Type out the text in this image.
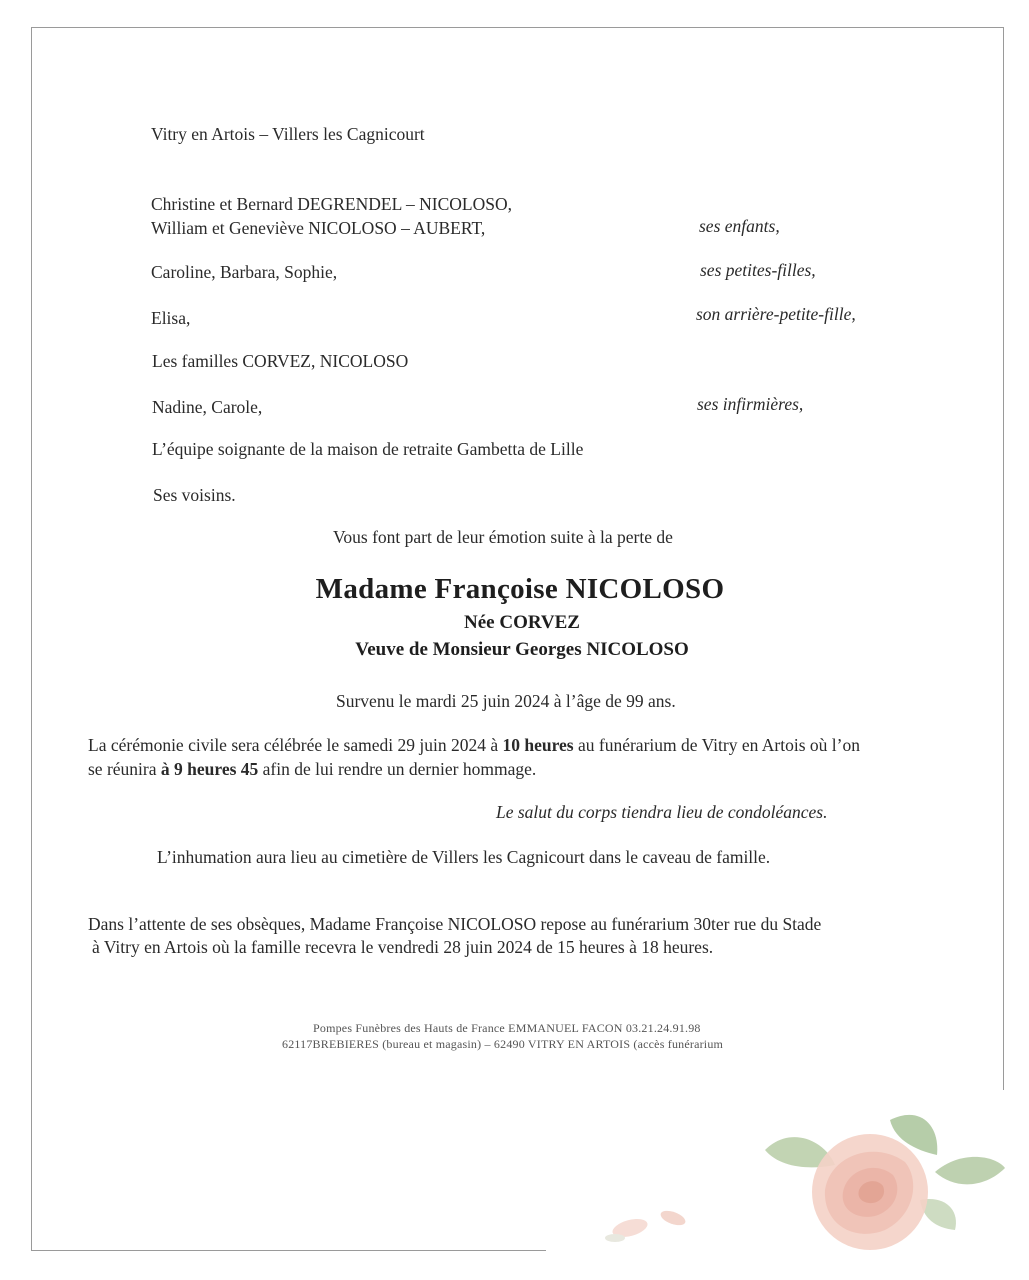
Vitry en Artois – Villers les Cagnicourt
Christine et Bernard DEGRENDEL – NICOLOSO,
William et Geneviève NICOLOSO – AUBERT,	ses enfants,
Caroline, Barbara, Sophie,	ses petites-filles,
Elisa,	son arrière-petite-fille,
Les familles CORVEZ, NICOLOSO
Nadine, Carole,	ses infirmières,
L’équipe soignante de la maison de retraite Gambetta de Lille
Ses voisins.
Vous font part de leur émotion suite à la perte de
Madame Françoise NICOLOSO
Née CORVEZ
Veuve de Monsieur Georges NICOLOSO
Survenu le mardi 25 juin 2024 à l’âge de 99 ans.
La cérémonie civile sera célébrée le samedi 29 juin 2024 à 10 heures au funérarium de Vitry en Artois où l’on
se réunira à 9 heures 45 afin de lui rendre un dernier hommage.
Le salut du corps tiendra lieu de condoléances.
L’inhumation aura lieu au cimetière de Villers les Cagnicourt dans le caveau de famille.
Dans l’attente de ses obsèques, Madame Françoise NICOLOSO repose au funérarium 30ter rue du Stade
à Vitry en Artois où la famille recevra le vendredi 28 juin 2024 de 15 heures à 18 heures.
Pompes Funèbres des Hauts de France EMMANUEL FACON 03.21.24.91.98
62117BREBIERES (bureau et magasin) – 62490 VITRY EN ARTOIS (accès funérarium
